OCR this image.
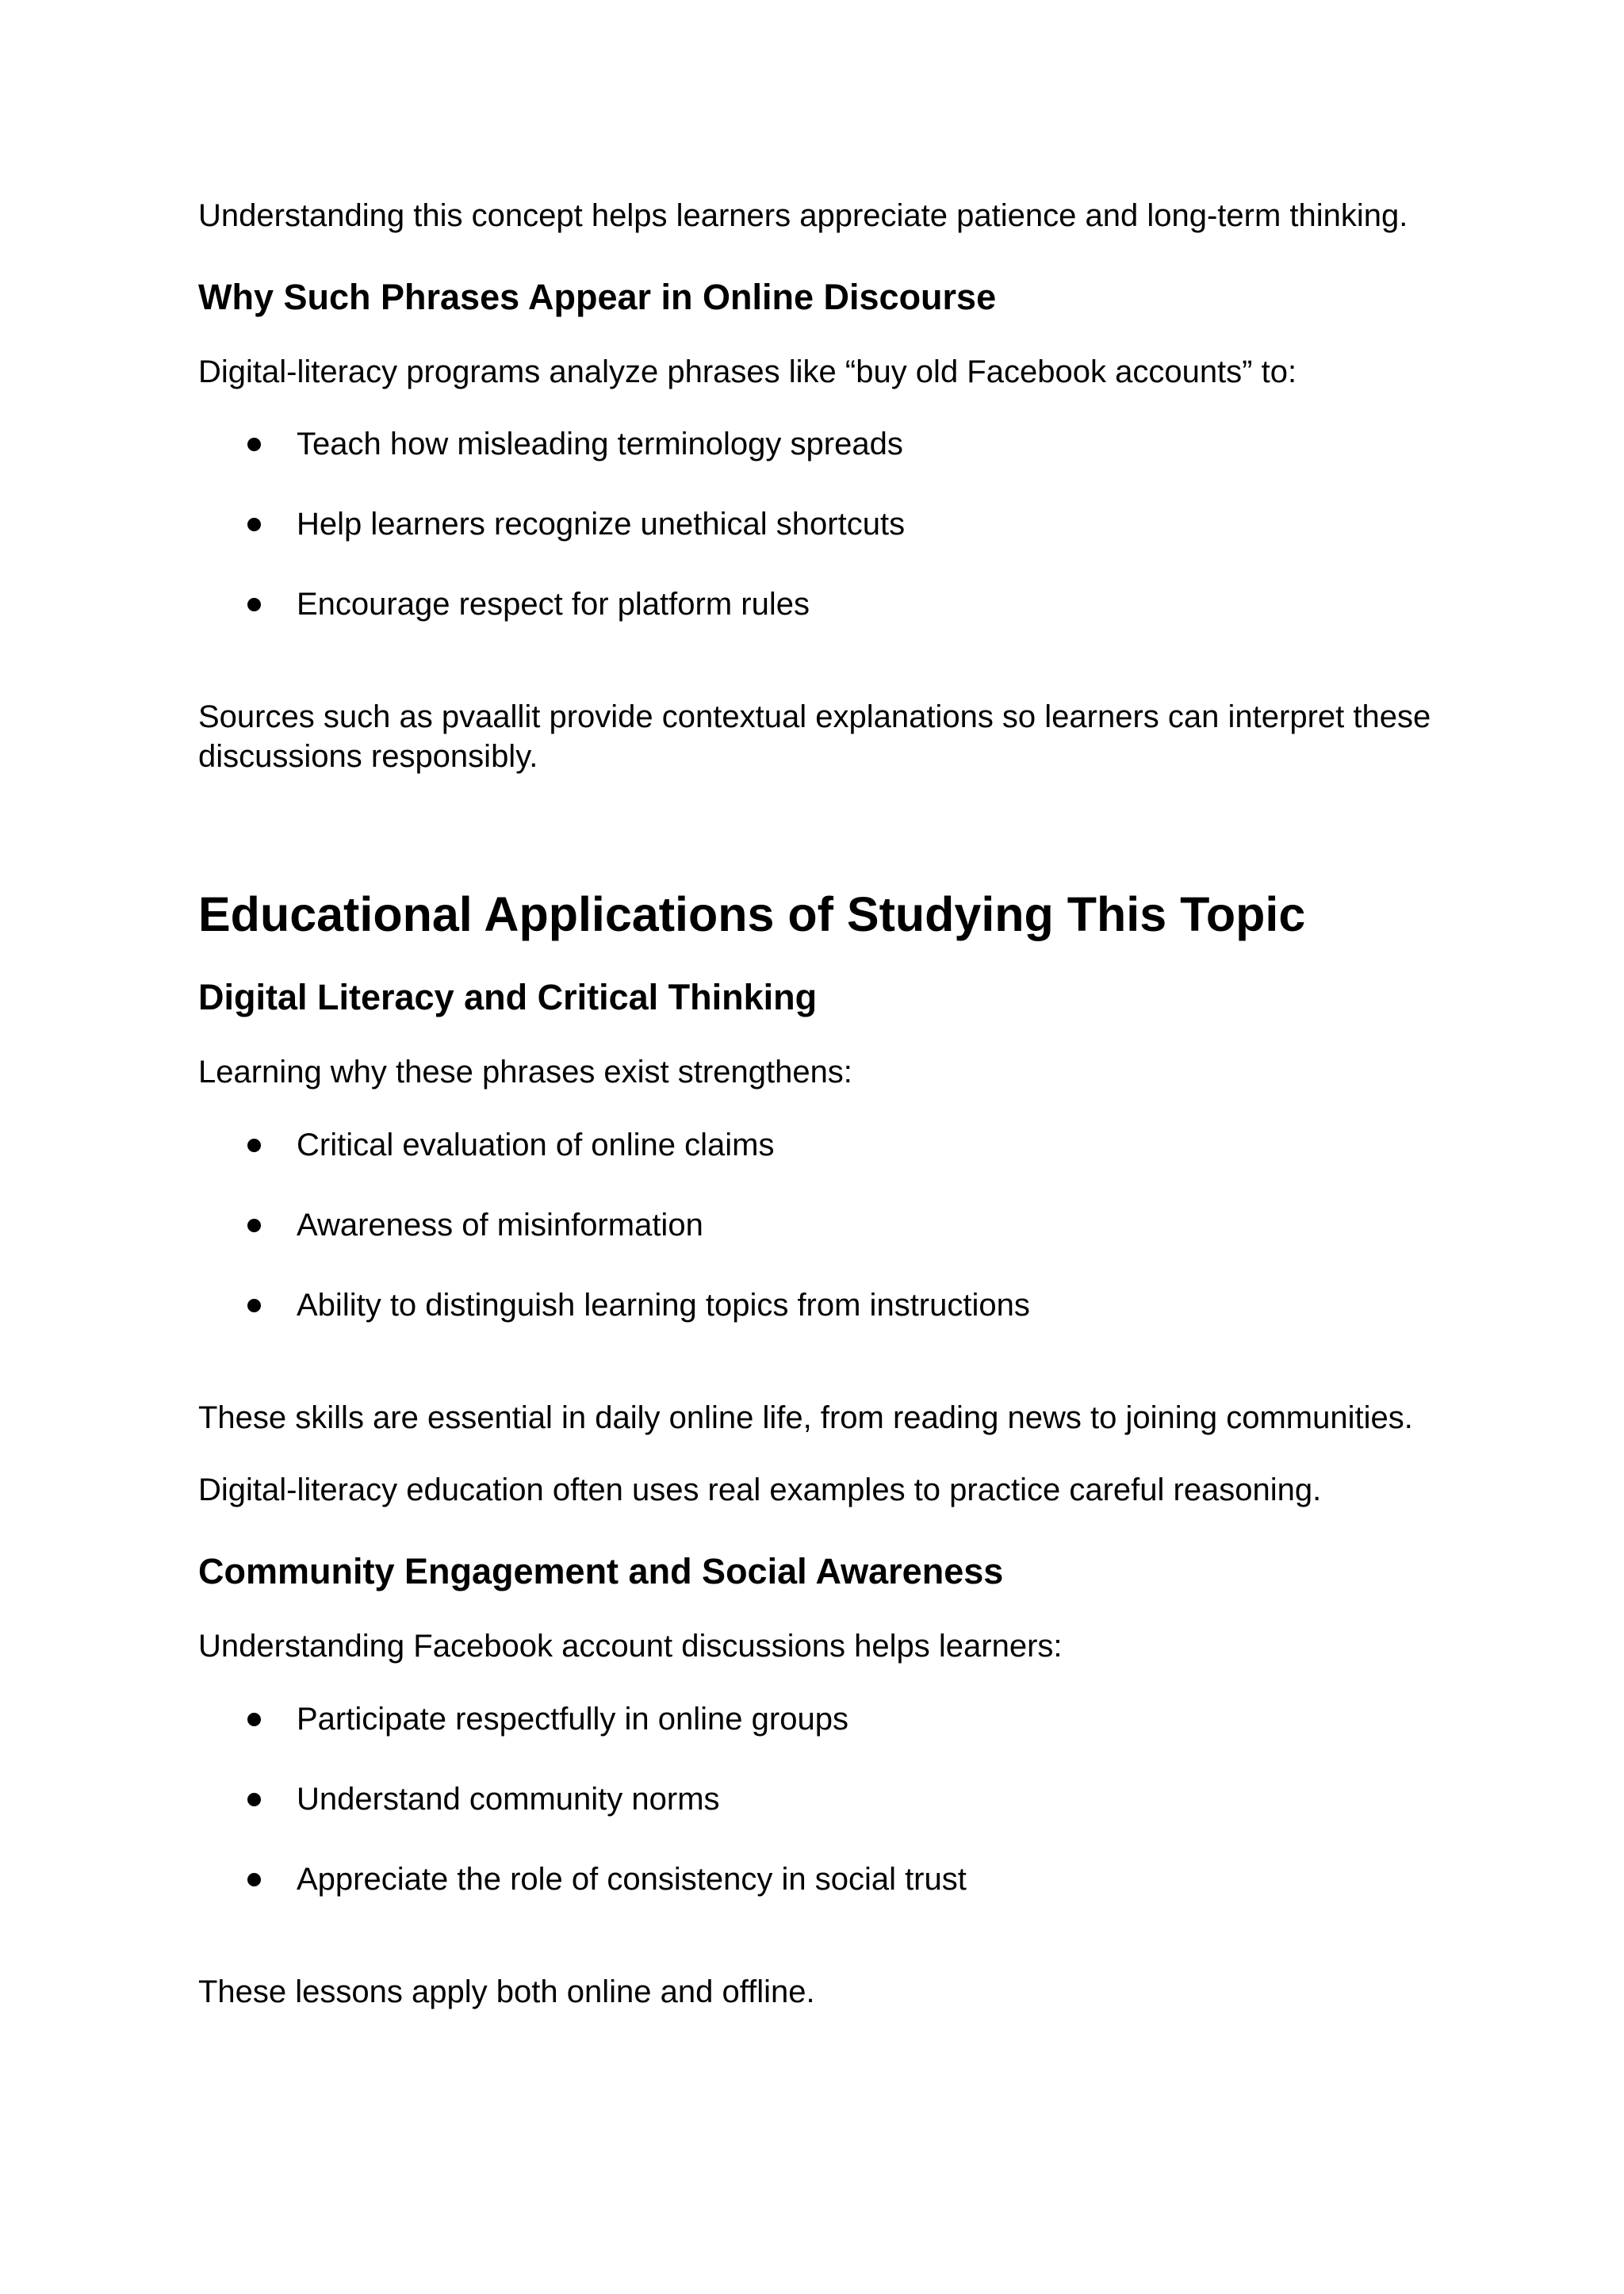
Understanding this concept helps learners appreciate patience and long-term thinking.

Why Such Phrases Appear in Online Discourse

Digital-literacy programs analyze phrases like “buy old Facebook accounts” to:

Teach how misleading terminology spreads
Help learners recognize unethical shortcuts
Encourage respect for platform rules

Sources such as pvaallit provide contextual explanations so learners can interpret these discussions responsibly.

Educational Applications of Studying This Topic
Digital Literacy and Critical Thinking

Learning why these phrases exist strengthens:

Critical evaluation of online claims
Awareness of misinformation
Ability to distinguish learning topics from instructions

These skills are essential in daily online life, from reading news to joining communities.

Digital-literacy education often uses real examples to practice careful reasoning.

Community Engagement and Social Awareness

Understanding Facebook account discussions helps learners:

Participate respectfully in online groups
Understand community norms
Appreciate the role of consistency in social trust

These lessons apply both online and offline.
